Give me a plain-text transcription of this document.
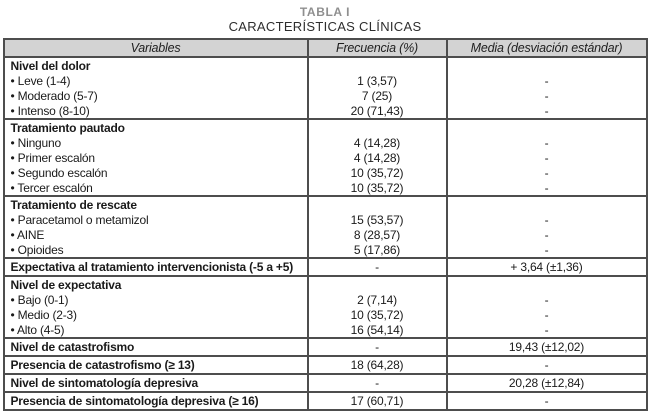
TABLA I
CARACTERÍSTICAS CLÍNICAS
Variables	Frecuencia (%)	Media (desviación estándar)
Nivel del dolor		
• Leve (1-4)	1 (3,57)	-
• Moderado (5-7)	7 (25)	-
• Intenso (8-10)	20 (71,43)	-
Tratamiento pautado		
• Ninguno	4 (14,28)	-
• Primer escalón	4 (14,28)	-
• Segundo escalón	10 (35,72)	-
• Tercer escalón	10 (35,72)	-
Tratamiento de rescate		
• Paracetamol o metamizol	15 (53,57)	-
• AINE	8 (28,57)	-
• Opioides	5 (17,86)	-
Expectativa al tratamiento intervencionista (-5 a +5)	-	+ 3,64 (±1,36)
Nivel de expectativa		
• Bajo (0-1)	2 (7,14)	-
• Medio (2-3)	10 (35,72)	-
• Alto (4-5)	16 (54,14)	-
Nivel de catastrofismo	-	19,43 (±12,02)
Presencia de catastrofismo (≥ 13)	18 (64,28)	-
Nivel de sintomatología depresiva	-	20,28 (±12,84)
Presencia de sintomatología depresiva (≥ 16)	17 (60,71)	-
